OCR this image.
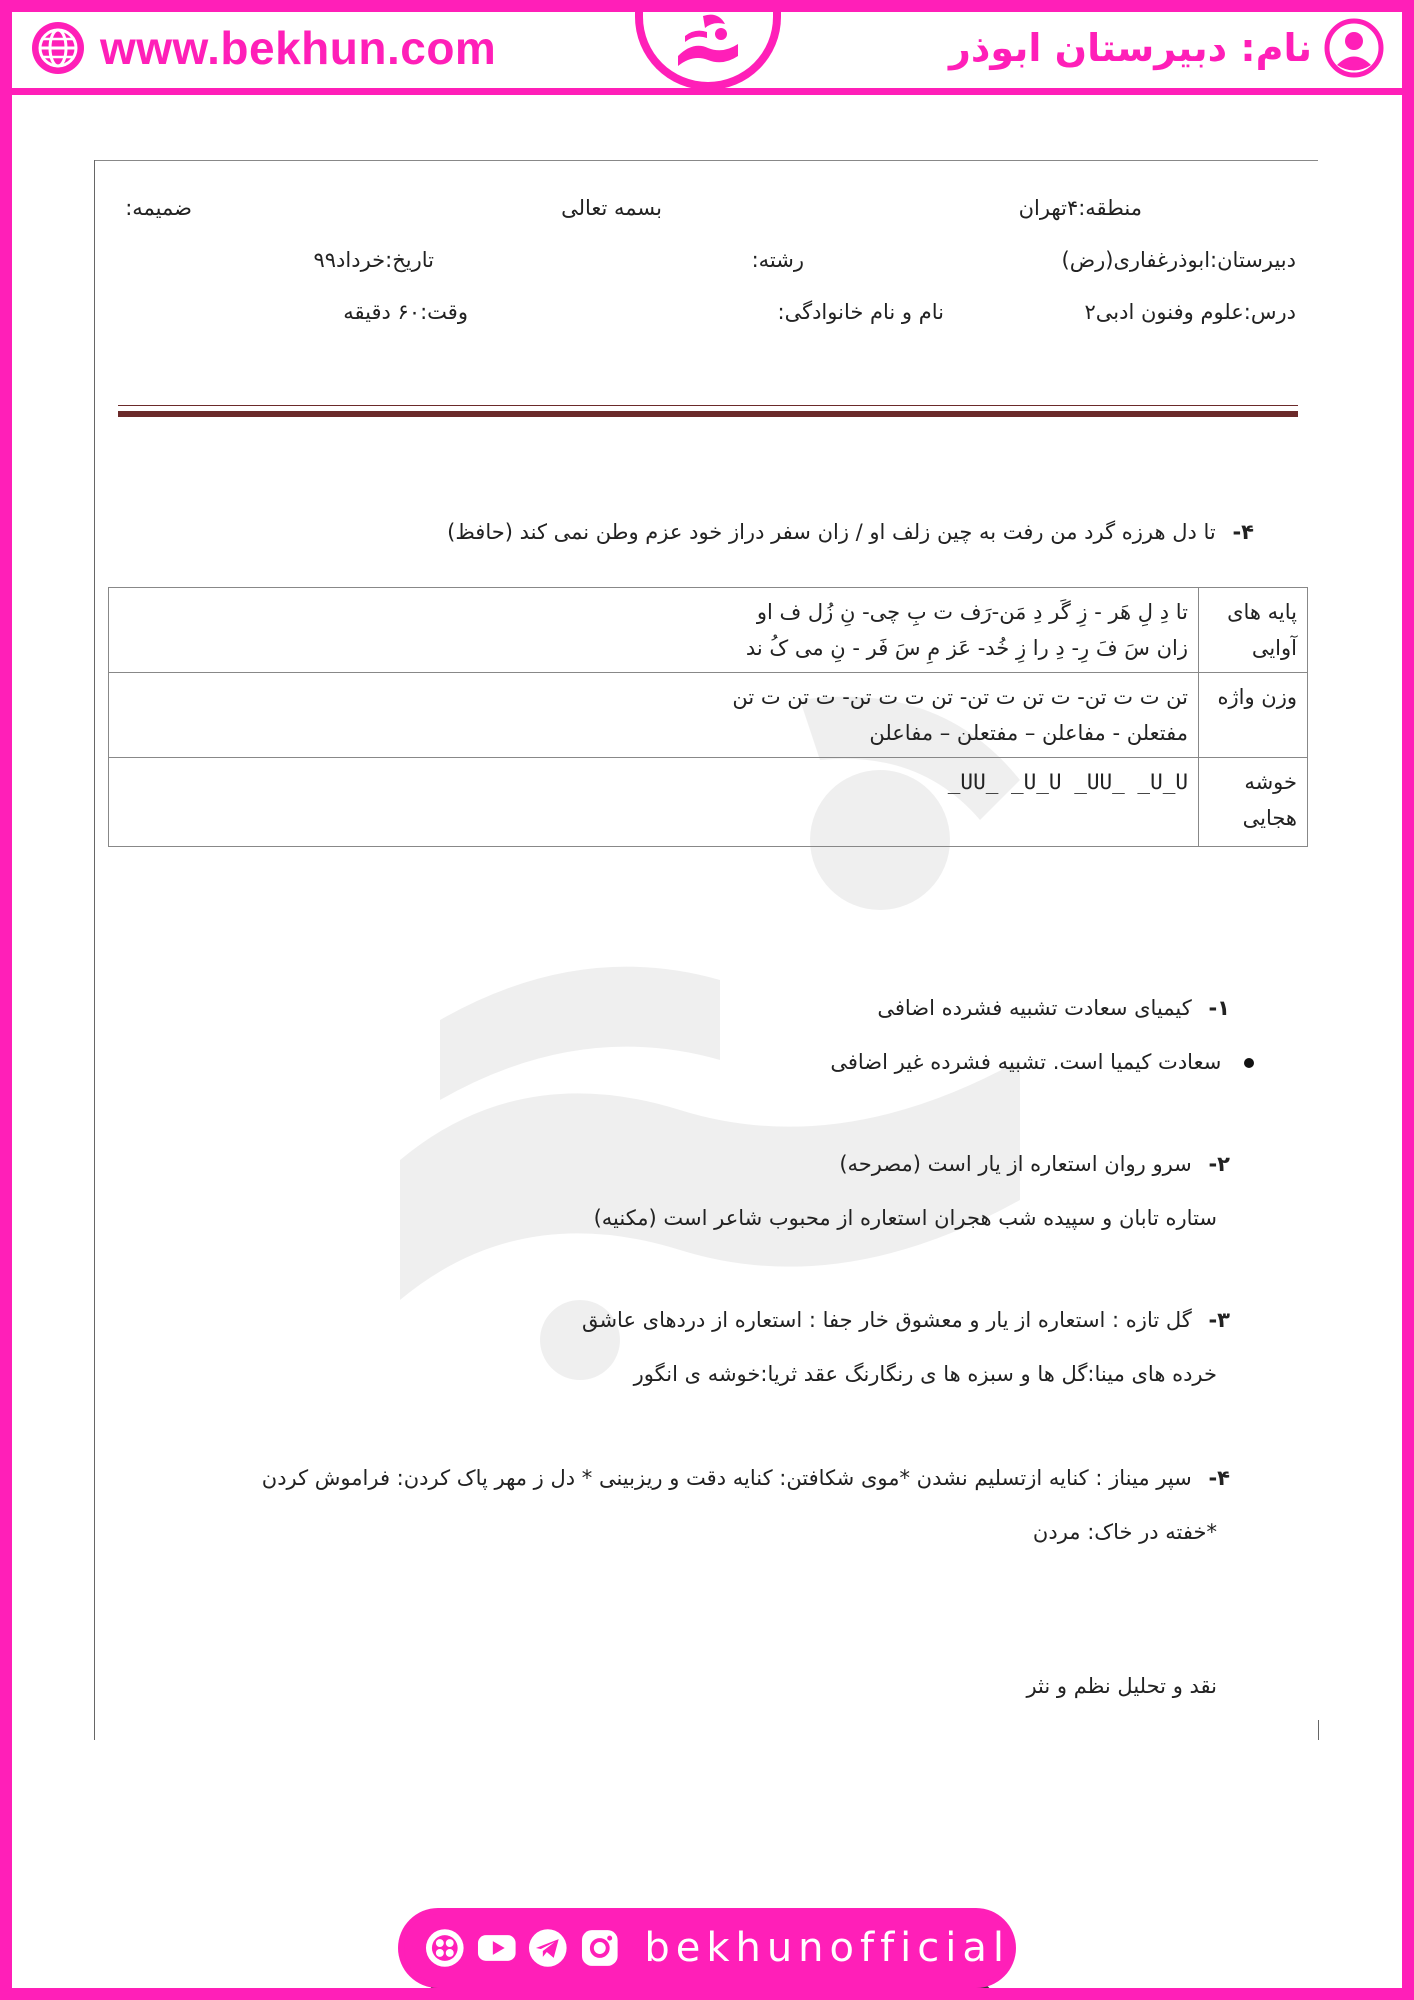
www.bekhun.com	نام: دبیرستان ابوذر
منطقه:۴تهران
بسمه تعالی
ضمیمه:
دبیرستان:ابوذرغفاری(رض)
رشته:
تاریخ:خرداد۹۹
درس:علوم وفنون ادبی۲
نام و نام خانوادگی:
وقت:۶۰ دقیقه
۴- تا دل هرزه گرد من رفت به چین زلف او / زان سفر دراز خود عزم وطن نمی کند (حافظ)
پایه های آوایی	تا دِ لِ هَر - زِ گَر دِ مَن-رَف ت بِ چی- نِ زُل ف او
زان سَ فَ رِ- دِ را زِ خُد- عَز مِ سَ فَر - نِ می کُ ند

وزن واژه	تن ت ت تن- ت تن ت تن- تن ت ت تن- ت تن ت تن
مفتعلن - مفاعلن – مفتعلن – مفاعلن

خوشه هجایی	_UU_ _U_U _UU_ _U_U
۱- کیمیای سعادت تشبیه فشرده اضافی
سعادت کیمیا است. تشبیه فشرده غیر اضافی
۲- سرو روان استعاره از یار است (مصرحه)
ستاره تابان و سپیده شب هجران استعاره از محبوب شاعر است (مکنیه)
۳- گل تازه : استعاره از یار و معشوق خار جفا : استعاره از دردهای عاشق
خرده های مینا:گل ها و سبزه ها ی رنگارنگ عقد ثریا:خوشه ی انگور
۴- سپر میناز : کنایه ازتسلیم نشدن *موی شکافتن: کنایه دقت و ریزبینی * دل ز مهر پاک کردن: فراموش کردن
*خفته در خاک: مردن
نقد و تحلیل نظم و نثر
bekhunofficial
